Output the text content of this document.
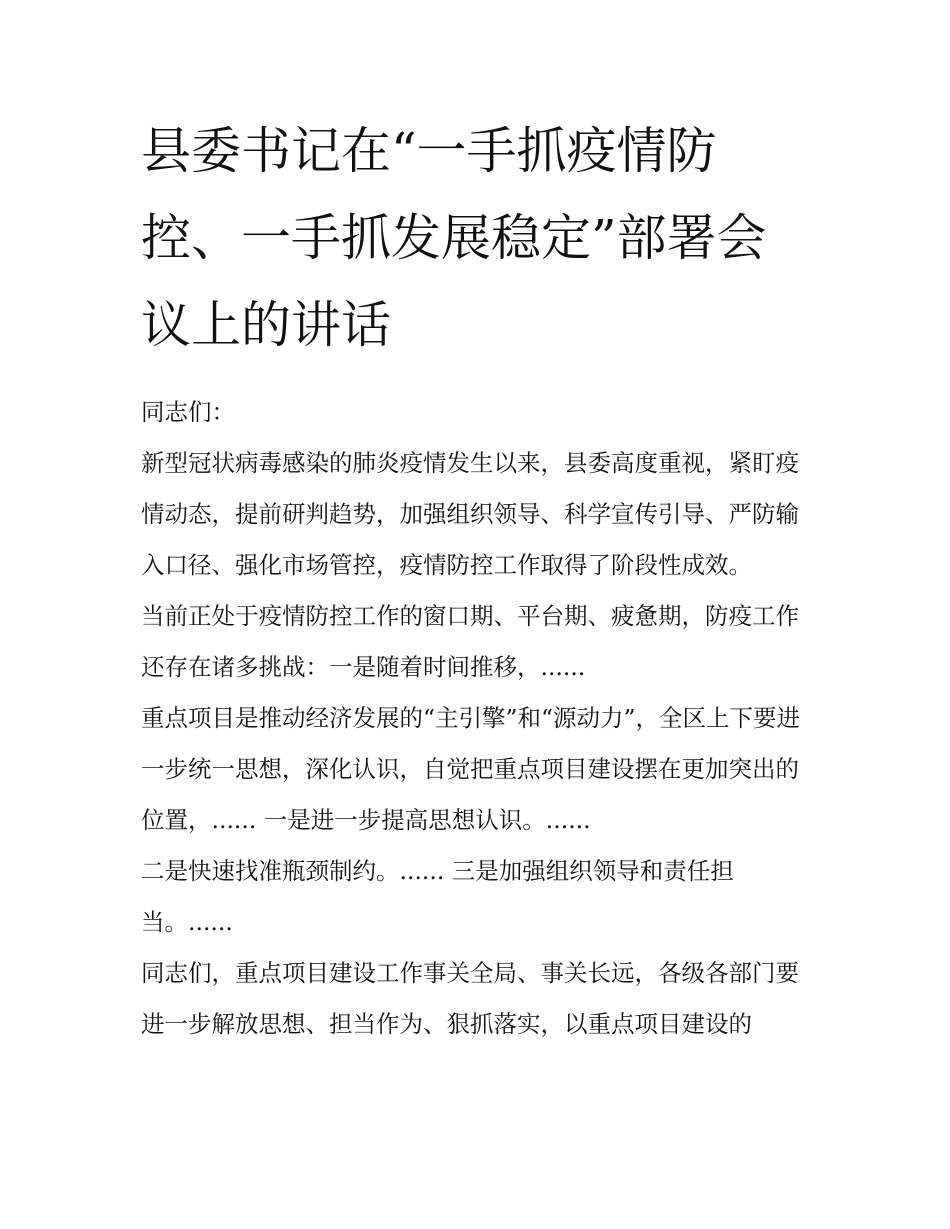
县委书记在“一手抓疫情防控、一手抓发展稳定”部署会议上的讲话

同志们：

新型冠状病毒感染的肺炎疫情发生以来，县委高度重视，紧盯疫情动态，提前研判趋势，加强组织领导、科学宣传引导、严防输入口径、强化市场管控，疫情防控工作取得了阶段性成效。

当前正处于疫情防控工作的窗口期、平台期、疲惫期，防疫工作还存在诸多挑战：一是随着时间推移，......

重点项目是推动经济发展的“主引擎”和“源动力”，全区上下要进一步统一思想，深化认识，自觉把重点项目建设摆在更加突出的位置，...... 一是进一步提高思想认识。......

二是快速找准瓶颈制约。...... 三是加强组织领导和责任担当。......

同志们，重点项目建设工作事关全局、事关长远，各级各部门要进一步解放思想、担当作为、狠抓落实，以重点项目建设的
